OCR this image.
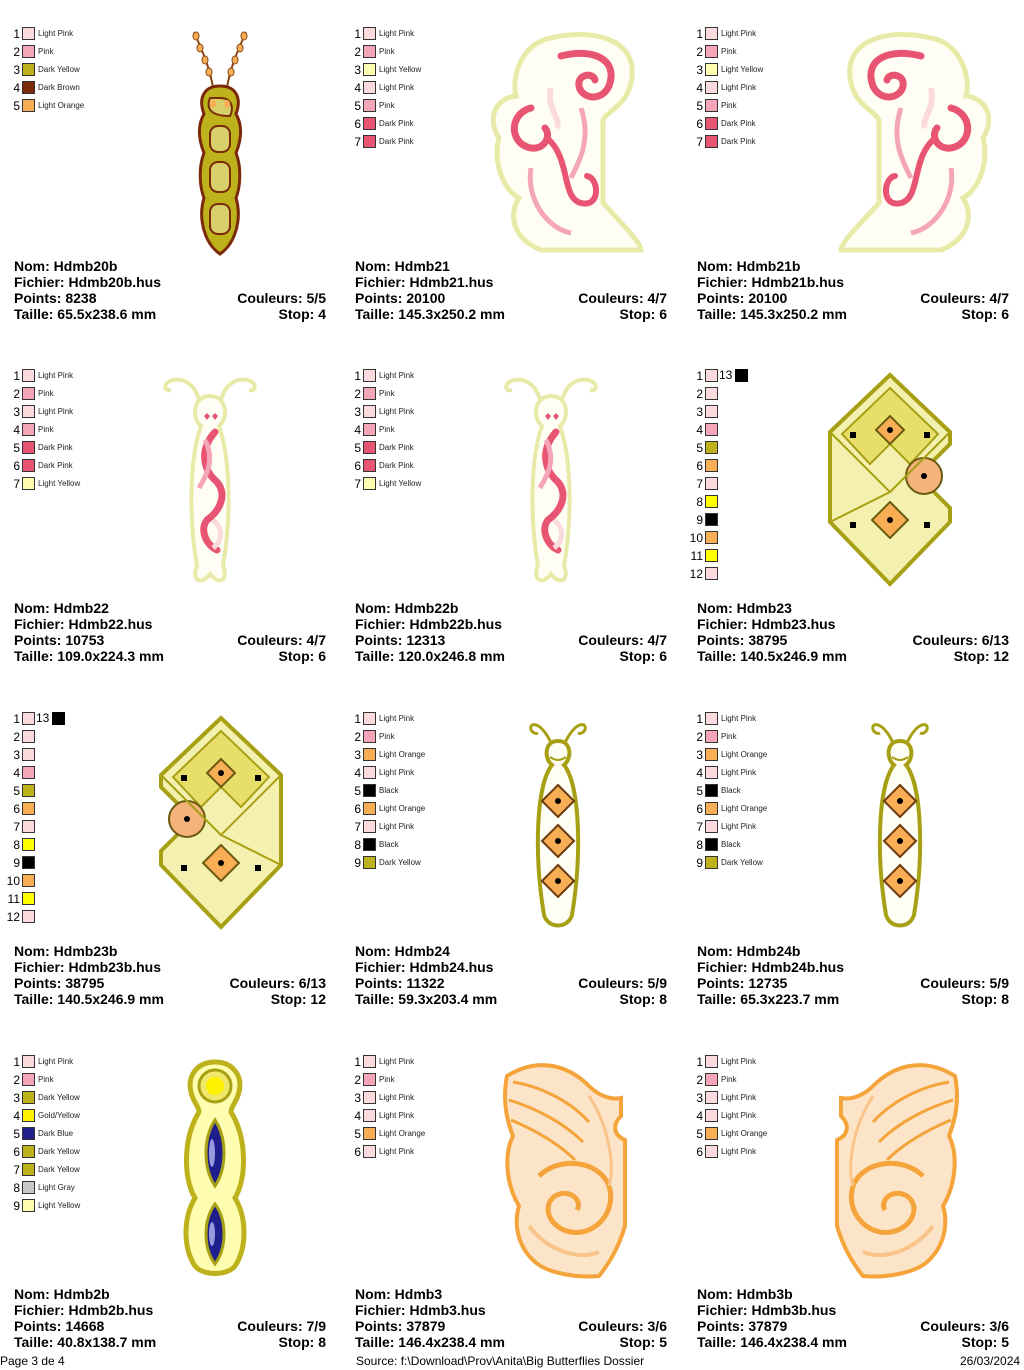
1 Light Pink
2 Pink
3 Dark Yellow
4 Dark Brown
5 Light Orange
Nom: Hdmb20b
Fichier: Hdmb20b.hus
Points: 8238	Couleurs: 5/5
Taille: 65.5x238.6 mm	Stop: 4
1 Light Pink
2 Pink
3 Light Yellow
4 Light Pink
5 Pink
6 Dark Pink
7 Dark Pink
Nom: Hdmb21
Fichier: Hdmb21.hus
Points: 20100	Couleurs: 4/7
Taille: 145.3x250.2 mm	Stop: 6
1 Light Pink
2 Pink
3 Light Yellow
4 Light Pink
5 Pink
6 Dark Pink
7 Dark Pink
Nom: Hdmb21b
Fichier: Hdmb21b.hus
Points: 20100	Couleurs: 4/7
Taille: 145.3x250.2 mm	Stop: 6
1 Light Pink
2 Pink
3 Light Pink
4 Pink
5 Dark Pink
6 Dark Pink
7 Light Yellow
Nom: Hdmb22
Fichier: Hdmb22.hus
Points: 10753	Couleurs: 4/7
Taille: 109.0x224.3 mm	Stop: 6
1 Light Pink
2 Pink
3 Light Pink
4 Pink
5 Dark Pink
6 Dark Pink
7 Light Yellow
Nom: Hdmb22b
Fichier: Hdmb22b.hus
Points: 12313	Couleurs: 4/7
Taille: 120.0x246.8 mm	Stop: 6
1 13
2
3
4
5
6
7
8
9
10
11
12
Nom: Hdmb23
Fichier: Hdmb23.hus
Points: 38795	Couleurs: 6/13
Taille: 140.5x246.9 mm	Stop: 12
1 13
2
3
4
5
6
7
8
9
10
11
12
Nom: Hdmb23b
Fichier: Hdmb23b.hus
Points: 38795	Couleurs: 6/13
Taille: 140.5x246.9 mm	Stop: 12
1 Light Pink
2 Pink
3 Light Orange
4 Light Pink
5 Black
6 Light Orange
7 Light Pink
8 Black
9 Dark Yellow
Nom: Hdmb24
Fichier: Hdmb24.hus
Points: 11322	Couleurs: 5/9
Taille: 59.3x203.4 mm	Stop: 8
1 Light Pink
2 Pink
3 Light Orange
4 Light Pink
5 Black
6 Light Orange
7 Light Pink
8 Black
9 Dark Yellow
Nom: Hdmb24b
Fichier: Hdmb24b.hus
Points: 12735	Couleurs: 5/9
Taille: 65.3x223.7 mm	Stop: 8
1 Light Pink
2 Pink
3 Dark Yellow
4 Gold/Yellow
5 Dark Blue
6 Dark Yellow
7 Dark Yellow
8 Light Gray
9 Light Yellow
Nom: Hdmb2b
Fichier: Hdmb2b.hus
Points: 14668	Couleurs: 7/9
Taille: 40.8x138.7 mm	Stop: 8
1 Light Pink
2 Pink
3 Light Pink
4 Light Pink
5 Light Orange
6 Light Pink
Nom: Hdmb3
Fichier: Hdmb3.hus
Points: 37879	Couleurs: 3/6
Taille: 146.4x238.4 mm	Stop: 5
1 Light Pink
2 Pink
3 Light Pink
4 Light Pink
5 Light Orange
6 Light Pink
Nom: Hdmb3b
Fichier: Hdmb3b.hus
Points: 37879	Couleurs: 3/6
Taille: 146.4x238.4 mm	Stop: 5
Page 3 de 4	Source: f:\Download\Prov\Anita\Big Butterflies Dossier	26/03/2024
